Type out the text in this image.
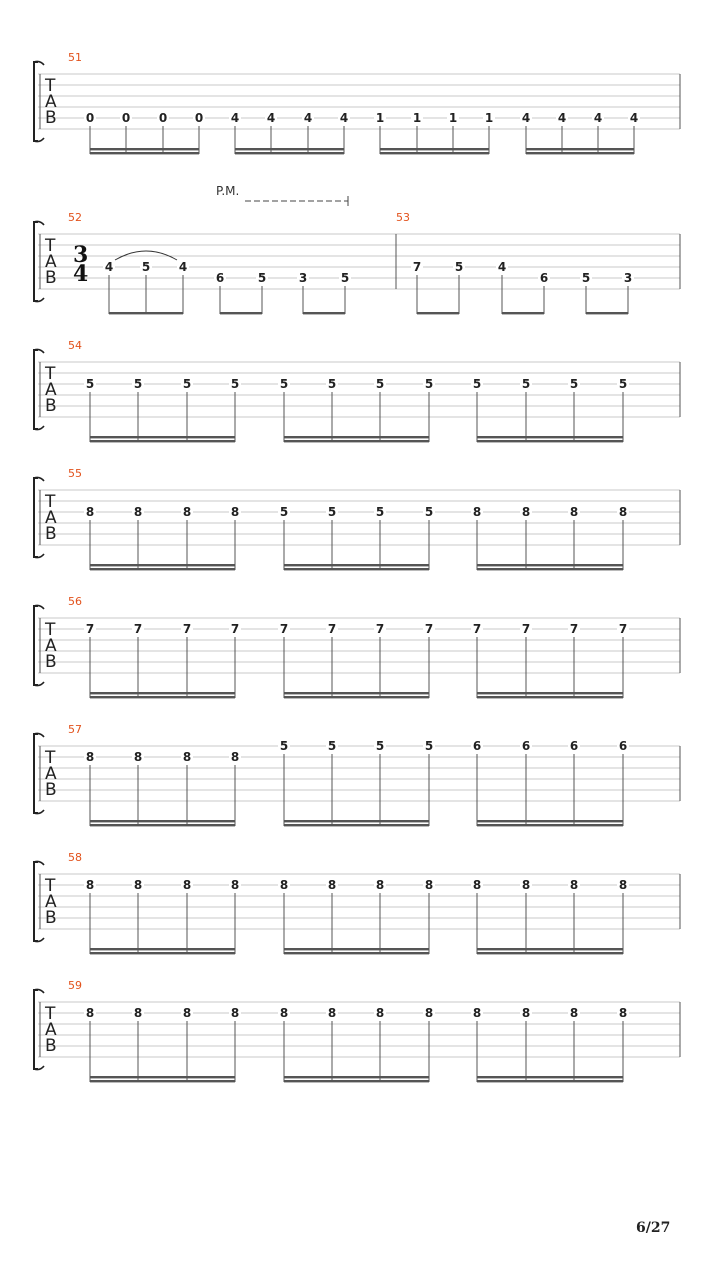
T
A
B
51
0 0 0 0 4 4 4 4 1 1 1 1 4 4 4 4
T
A
B
3
4
P.M.
52
4 5 4
6	5	3	5
53
7	5	4
6	5	3
T
A
B
54
5	5	5	5	5	5	5	5	5	5	5	5
T
A
B
55
8	8	8	8	5	5	5	5	8	8	8	8
T
A
B
56
7	7	7	7	7	7	7	7	7	7	7	7
T
A
B
57
8	8	8	8
5	5	5	5	6	6	6	6
T
A
B
58
8	8	8	8	8	8	8	8	8	8	8	8
T
A
B
59
8	8	8	8	8	8	8	8	8	8	8	8
6/27
